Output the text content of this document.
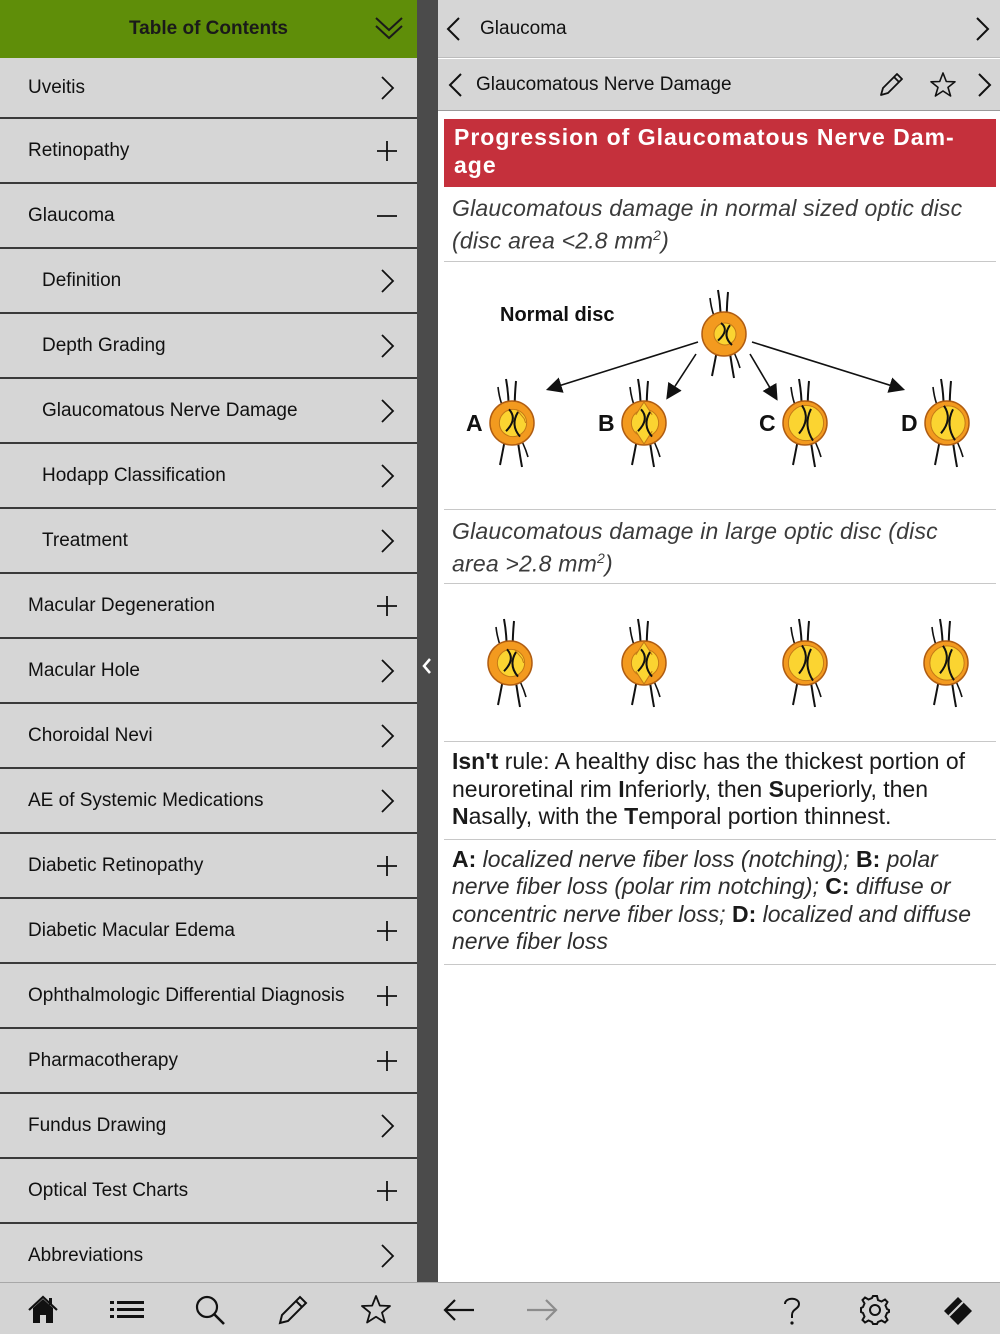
Table of Contents
Uveitis
Retinopathy
Glaucoma
Definition
Depth Grading
Glaucomatous Nerve Damage
Hodapp Classification
Treatment
Macular Degeneration
Macular Hole
Choroidal Nevi
AE of Systemic Medications
Diabetic Retinopathy
Diabetic Macular Edema
Ophthalmologic Differential Diagnosis
Pharmacotherapy
Fundus Drawing
Optical Test Charts
Abbreviations
Glaucoma
Glaucomatous Nerve Damage
Progression of Glaucomatous Nerve Damage
Glaucomatous damage in normal sized optic disc (disc area <2.8 $mm^2$)
Normal disc
A	B	C	D
Glaucomatous damage in large optic disc (disc area >2.8 $mm^2$)
Isn't rule: A healthy disc has the thickest portion of neuroretinal rim Inferiorly, then Superiorly, then Nasally, with the Temporal portion thinnest.
A: localized nerve fiber loss (notching); B: polar nerve fiber loss (polar rim notching); C: diffuse or concentric nerve fiber loss; D: localized and diffuse nerve fiber loss
